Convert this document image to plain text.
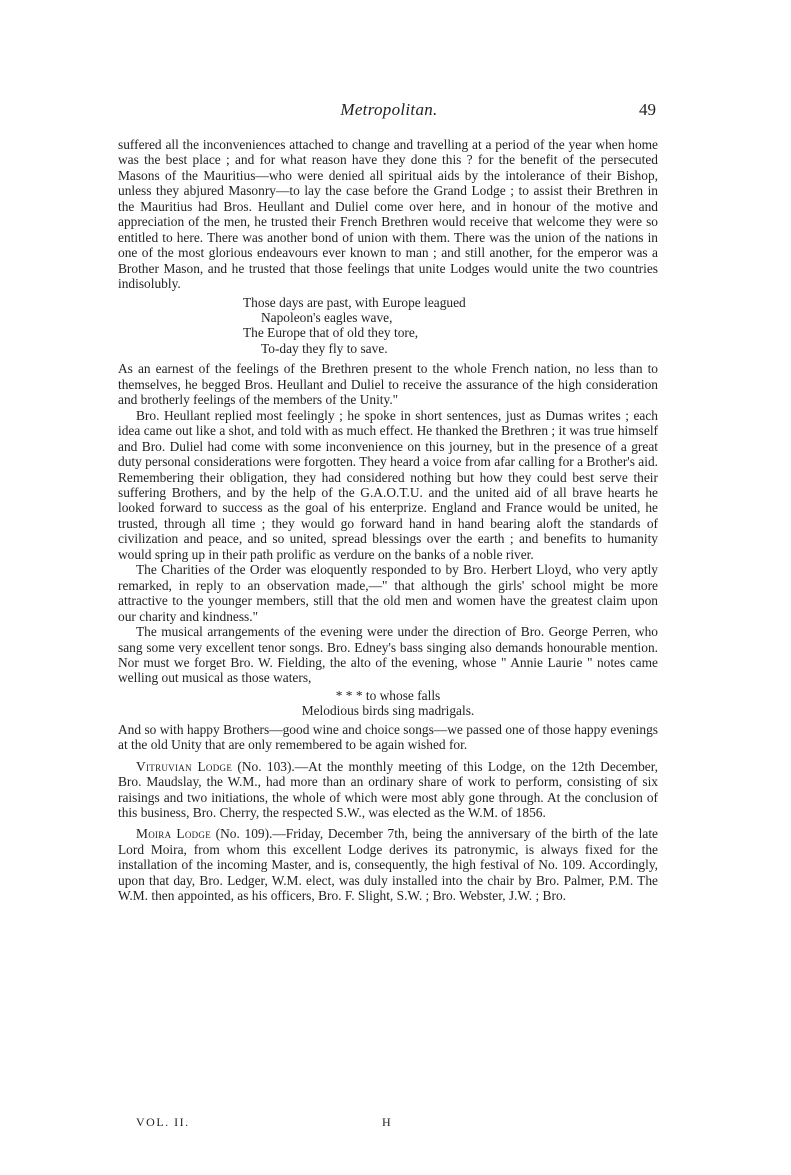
Metropolitan.	49

suffered all the inconveniences attached to change and travelling at a period of the year when home was the best place ; and for what reason have they done this ? for the benefit of the persecuted Masons of the Mauritius—who were denied all spiritual aids by the intolerance of their Bishop, unless they abjured Masonry—to lay the case before the Grand Lodge ; to assist their Brethren in the Mauritius had Bros. Heullant and Duliel come over here, and in honour of the motive and appreciation of the men, he trusted their French Brethren would receive that welcome they were so entitled to here. There was another bond of union with them. There was the union of the nations in one of the most glorious endeavours ever known to man ; and still another, for the emperor was a Brother Mason, and he trusted that those feelings that unite Lodges would unite the two countries indisolubly.

Those days are past, with Europe leagued
Napoleon's eagles wave,
The Europe that of old they tore,
To-day they fly to save.

As an earnest of the feelings of the Brethren present to the whole French nation, no less than to themselves, he begged Bros. Heullant and Duliel to receive the assurance of the high consideration and brotherly feelings of the members of the Unity."

Bro. Heullant replied most feelingly ; he spoke in short sentences, just as Dumas writes ; each idea came out like a shot, and told with as much effect. He thanked the Brethren ; it was true himself and Bro. Duliel had come with some inconvenience on this journey, but in the presence of a great duty personal considerations were forgotten. They heard a voice from afar calling for a Brother's aid. Remembering their obligation, they had considered nothing but how they could best serve their suffering Brothers, and by the help of the G.A.O.T.U. and the united aid of all brave hearts he looked forward to success as the goal of his enterprize. England and France would be united, he trusted, through all time ; they would go forward hand in hand bearing aloft the standards of civilization and peace, and so united, spread blessings over the earth ; and benefits to humanity would spring up in their path prolific as verdure on the banks of a noble river.

The Charities of the Order was eloquently responded to by Bro. Herbert Lloyd, who very aptly remarked, in reply to an observation made,—" that although the girls' school might be more attractive to the younger members, still that the old men and women have the greatest claim upon our charity and kindness."

The musical arrangements of the evening were under the direction of Bro. George Perren, who sang some very excellent tenor songs. Bro. Edney's bass singing also demands honourable mention. Nor must we forget Bro. W. Fielding, the alto of the evening, whose " Annie Laurie " notes came welling out musical as those waters,

* * * to whose falls
Melodious birds sing madrigals.

And so with happy Brothers—good wine and choice songs—we passed one of those happy evenings at the old Unity that are only remembered to be again wished for.

Vitruvian Lodge (No. 103).—At the monthly meeting of this Lodge, on the 12th December, Bro. Maudslay, the W.M., had more than an ordinary share of work to perform, consisting of six raisings and two initiations, the whole of which were most ably gone through. At the conclusion of this business, Bro. Cherry, the respected S.W., was elected as the W.M. of 1856.

Moira Lodge (No. 109).—Friday, December 7th, being the anniversary of the birth of the late Lord Moira, from whom this excellent Lodge derives its patronymic, is always fixed for the installation of the incoming Master, and is, consequently, the high festival of No. 109. Accordingly, upon that day, Bro. Ledger, W.M. elect, was duly installed into the chair by Bro. Palmer, P.M. The W.M. then appointed, as his officers, Bro. F. Slight, S.W. ; Bro. Webster, J.W. ; Bro.

VOL. II.	H
